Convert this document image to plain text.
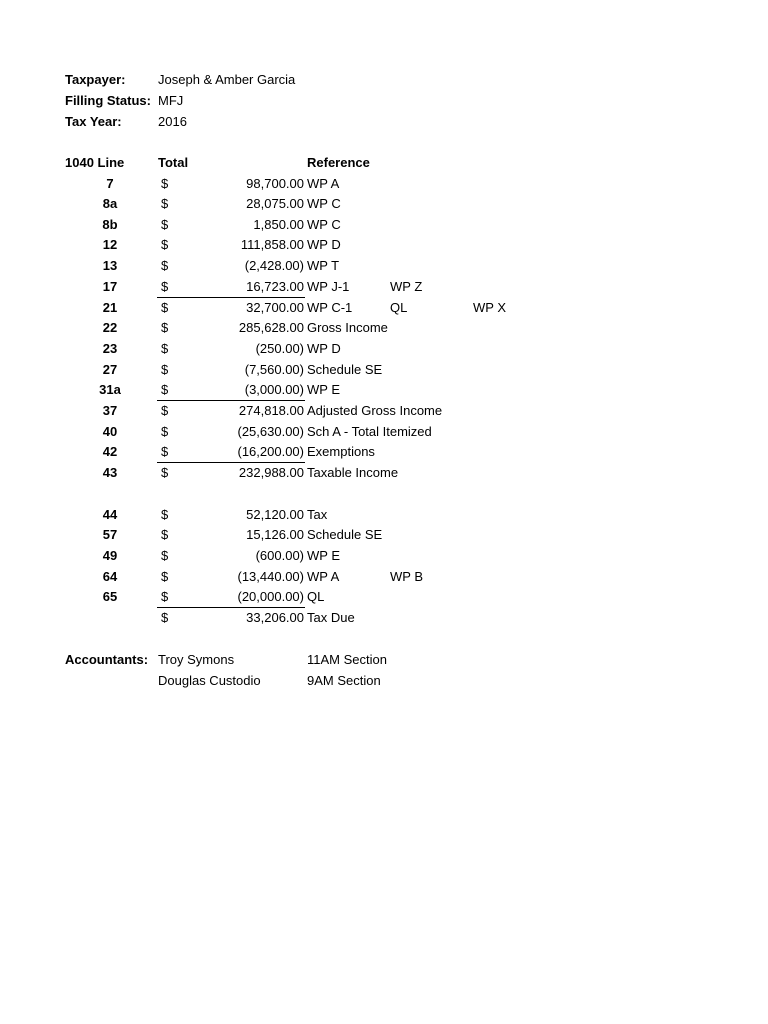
Taxpayer:	Joseph & Amber Garcia
Filling Status: MFJ
Tax Year:	2016
1040 Line	Total	Reference
7	$	98,700.00 WP A
8a	$	28,075.00 WP C
8b	$	1,850.00 WP C
12	$	111,858.00 WP D
13	$	(2,428.00) WP T
17	$	16,723.00 WP J-1	WP Z
21	$	32,700.00 WP C-1	QL	WP X
22	$	285,628.00 Gross Income
23	$	(250.00) WP D
27	$	(7,560.00) Schedule SE
31a	$	(3,000.00) WP E
37	$	274,818.00 Adjusted Gross Income
40	$	(25,630.00) Sch A - Total Itemized
42	$	(16,200.00) Exemptions
43	$	232,988.00 Taxable Income
44	$	52,120.00 Tax
57	$	15,126.00 Schedule SE
49	$	(600.00) WP E
64	$	(13,440.00) WP A	WP B
65	$	(20,000.00) QL
$	33,206.00 Tax Due
Accountants: Troy Symons	11AM Section
Douglas Custodio	9AM Section
